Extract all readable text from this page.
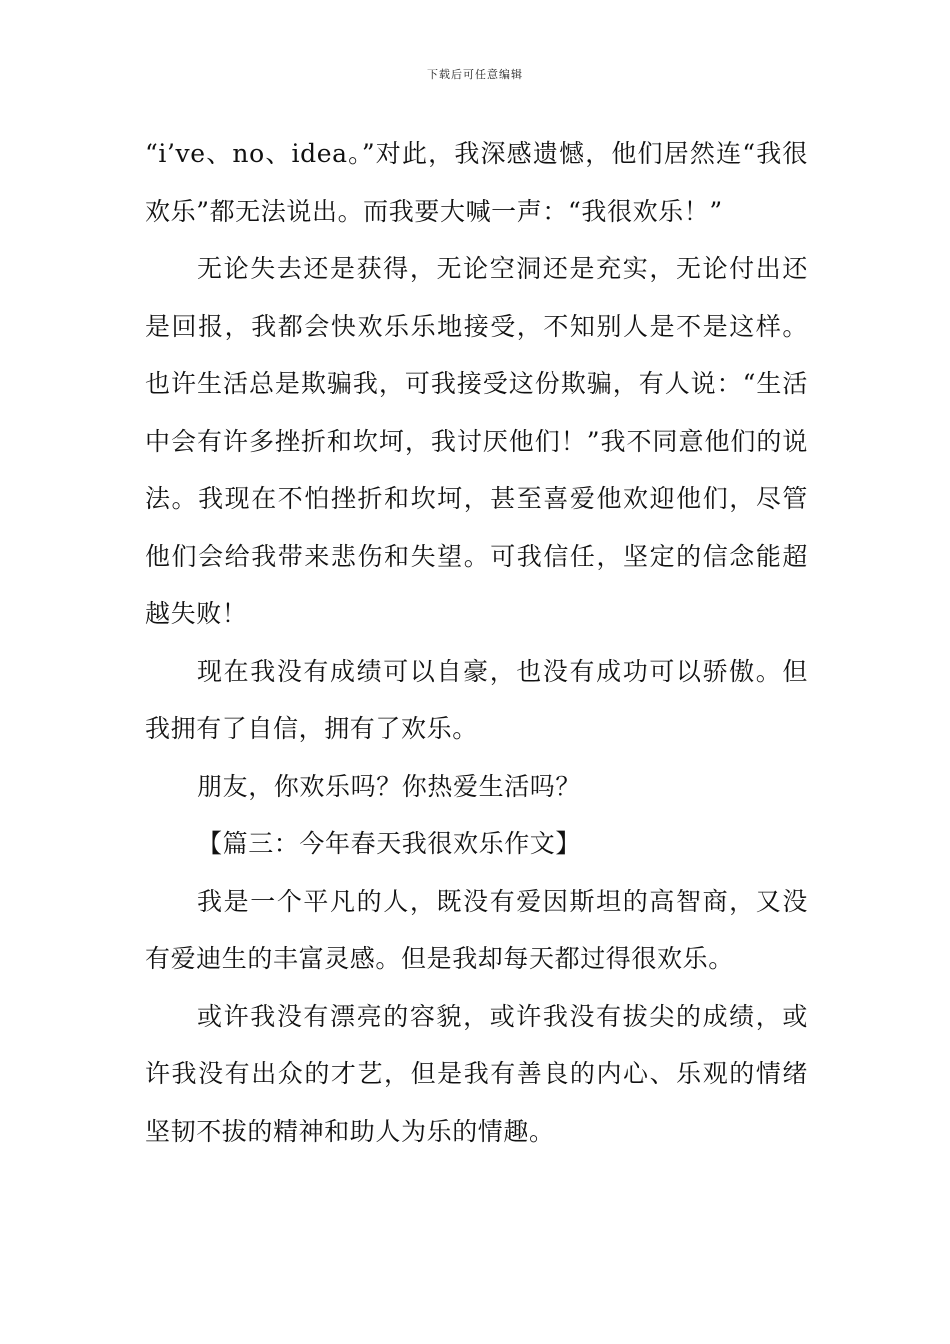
下载后可任意编辑

“i’ve、no、idea。”对此，我深感遗憾，他们居然连“我很欢乐”都无法说出。而我要大喊一声：“我很欢乐！”

无论失去还是获得，无论空洞还是充实，无论付出还是回报，我都会快欢乐乐地接受，不知别人是不是这样。也许生活总是欺骗我，可我接受这份欺骗，有人说：“生活中会有许多挫折和坎坷，我讨厌他们！”我不同意他们的说法。我现在不怕挫折和坎坷，甚至喜爱他欢迎他们，尽管他们会给我带来悲伤和失望。可我信任，坚定的信念能超越失败！

现在我没有成绩可以自豪，也没有成功可以骄傲。但我拥有了自信，拥有了欢乐。

朋友，你欢乐吗？你热爱生活吗？

【篇三：今年春天我很欢乐作文】

我是一个平凡的人，既没有爱因斯坦的高智商，又没有爱迪生的丰富灵感。但是我却每天都过得很欢乐。

或许我没有漂亮的容貌，或许我没有拔尖的成绩，或许我没有出众的才艺，但是我有善良的内心、乐观的情绪坚韧不拔的精神和助人为乐的情趣。
